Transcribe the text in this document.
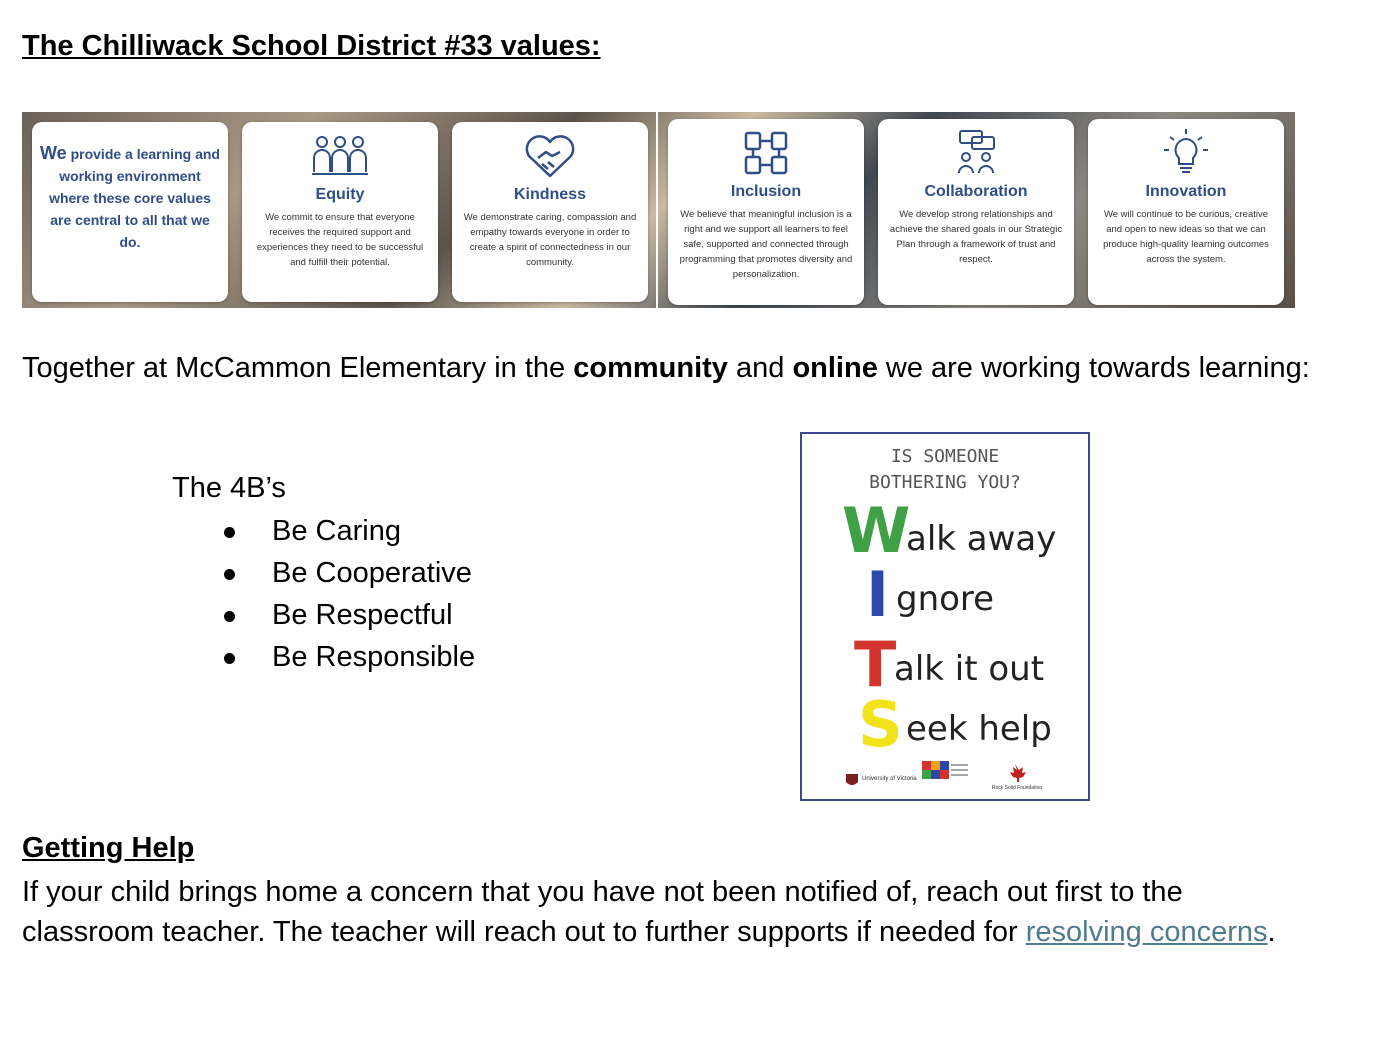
The Chilliwack School District #33 values:
We provide a learning and working environment where these core values are central to all that we do.
Equity
We commit to ensure that everyone receives the required support and experiences they need to be successful and fulfill their potential.
Kindness
We demonstrate caring, compassion and empathy towards everyone in order to create a spirit of connectedness in our community.
Inclusion
We believe that meaningful inclusion is a right and we support all learners to feel safe, supported and connected through programming that promotes diversity and personalization.
Collaboration
We develop strong relationships and achieve the shared goals in our Strategic Plan through a framework of trust and respect.
Innovation
We will continue to be curious, creative and open to new ideas so that we can produce high-quality learning outcomes across the system.

Together at McCammon Elementary in the community and online we are working towards learning:

The 4B’s

Be Caring
Be Cooperative
Be Respectful
Be Responsible
IS SOMEONE
BOTHERING YOU?
W
alk away
I gnore
T
alk it out
S eek help
University of Victoria
Rock Solid Foundation
Getting Help

If your child brings home a concern that you have not been notified of, reach out first to the classroom teacher. The teacher will reach out to further supports if needed for resolving concerns.
